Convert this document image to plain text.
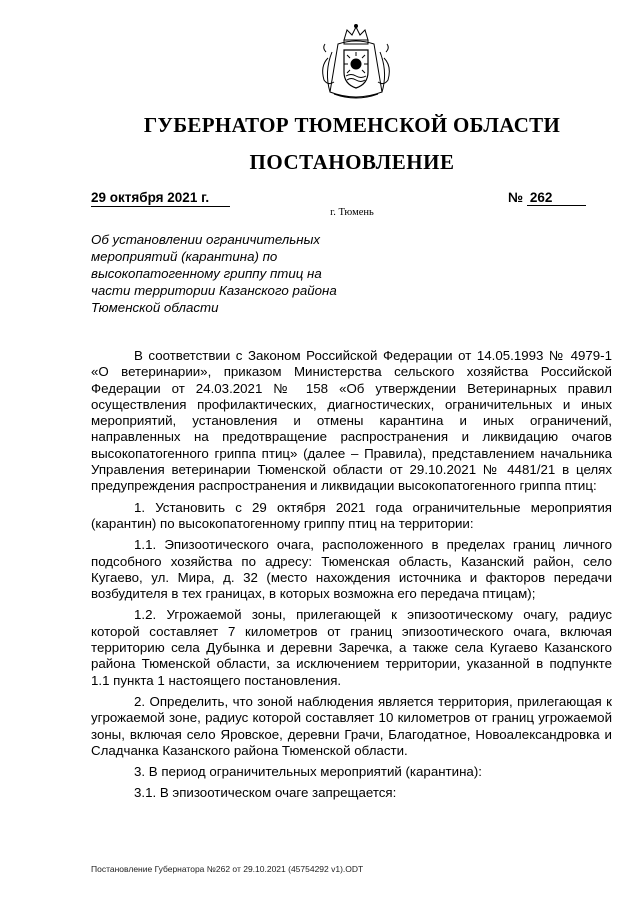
ГУБЕРНАТОР ТЮМЕНСКОЙ ОБЛАСТИ
ПОСТАНОВЛЕНИЕ
29 октября 2021 г.	№ 262
г. Тюмень
Об установлении ограничительных мероприятий (карантина) по высокопатогенному гриппу птиц на части территории Казанского района Тюменской области

В соответствии с Законом Российской Федерации от 14.05.1993 № 4979-1 «О ветеринарии», приказом Министерства сельского хозяйства Российской Федерации от 24.03.2021 № 158 «Об утверждении Ветеринарных правил осуществления профилактических, диагностических, ограничительных и иных мероприятий, установления и отмены карантина и иных ограничений, направленных на предотвращение распространения и ликвидацию очагов высокопатогенного гриппа птиц» (далее – Правила), представлением начальника Управления ветеринарии Тюменской области от 29.10.2021 № 4481/21 в целях предупреждения распространения и ликвидации высокопатогенного гриппа птиц:

1. Установить с 29 октября 2021 года ограничительные мероприятия (карантин) по высокопатогенному гриппу птиц на территории:

1.1. Эпизоотического очага, расположенного в пределах границ личного подсобного хозяйства по адресу: Тюменская область, Казанский район, село Кугаево, ул. Мира, д. 32 (место нахождения источника и факторов передачи возбудителя в тех границах, в которых возможна его передача птицам);

1.2. Угрожаемой зоны, прилегающей к эпизоотическому очагу, радиус которой составляет 7 километров от границ эпизоотического очага, включая территорию села Дубынка и деревни Заречка, а также села Кугаево Казанского района Тюменской области, за исключением территории, указанной в подпункте 1.1 пункта 1 настоящего постановления.

2. Определить, что зоной наблюдения является территория, прилегающая к угрожаемой зоне, радиус которой составляет 10 километров от границ угрожаемой зоны, включая село Яровское, деревни Грачи, Благодатное, Новоалександровка и Сладчанка Казанского района Тюменской области.

3. В период ограничительных мероприятий (карантина):

3.1. В эпизоотическом очаге запрещается:

Постановление Губернатора №262 от 29.10.2021 (45754292 v1).ODT
